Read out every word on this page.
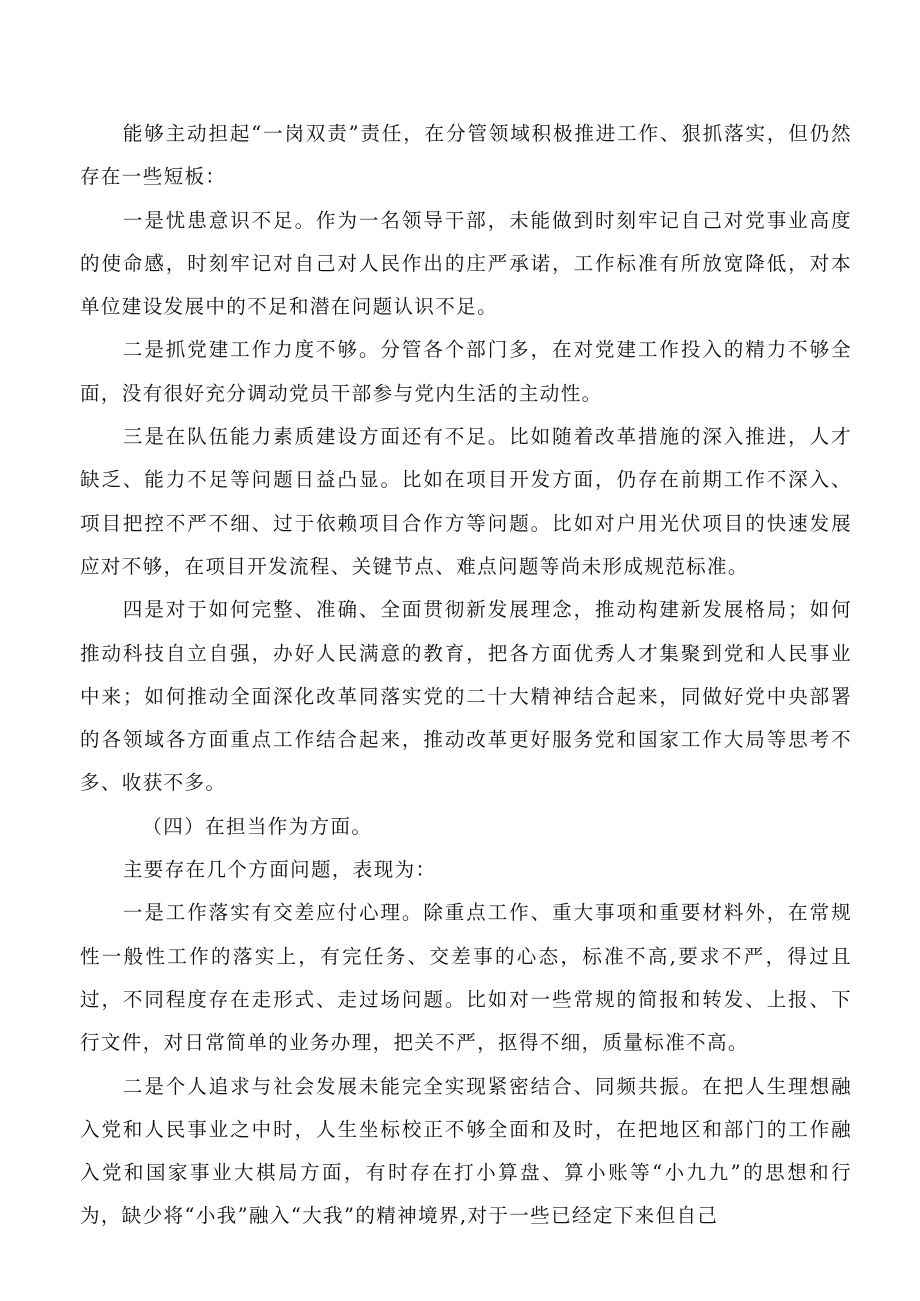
能够主动担起“一岗双责”责任，在分管领域积极推进工作、狠抓落实，但仍然存在一些短板：

一是忧患意识不足。作为一名领导干部，未能做到时刻牢记自己对党事业高度的使命感，时刻牢记对自己对人民作出的庄严承诺，工作标准有所放宽降低，对本单位建设发展中的不足和潜在问题认识不足。

二是抓党建工作力度不够。分管各个部门多，在对党建工作投入的精力不够全面，没有很好充分调动党员干部参与党内生活的主动性。

三是在队伍能力素质建设方面还有不足。比如随着改革措施的深入推进，人才缺乏、能力不足等问题日益凸显。比如在项目开发方面，仍存在前期工作不深入、项目把控不严不细、过于依赖项目合作方等问题。比如对户用光伏项目的快速发展应对不够，在项目开发流程、关键节点、难点问题等尚未形成规范标准。

四是对于如何完整、准确、全面贯彻新发展理念，推动构建新发展格局；如何推动科技自立自强，办好人民满意的教育，把各方面优秀人才集聚到党和人民事业中来；如何推动全面深化改革同落实党的二十大精神结合起来，同做好党中央部署的各领域各方面重点工作结合起来，推动改革更好服务党和国家工作大局等思考不多、收获不多。

（四）在担当作为方面。

主要存在几个方面问题，表现为：

一是工作落实有交差应付心理。除重点工作、重大事项和重要材料外，在常规性一般性工作的落实上，有完任务、交差事的心态，标准不高,要求不严，得过且过，不同程度存在走形式、走过场问题。比如对一些常规的简报和转发、上报、下行文件，对日常简单的业务办理，把关不严，抠得不细，质量标准不高。

二是个人追求与社会发展未能完全实现紧密结合、同频共振。在把人生理想融入党和人民事业之中时，人生坐标校正不够全面和及时，在把地区和部门的工作融入党和国家事业大棋局方面，有时存在打小算盘、算小账等“小九九”的思想和行为，缺少将“小我”融入“大我”的精神境界,对于一些已经定下来但自己
